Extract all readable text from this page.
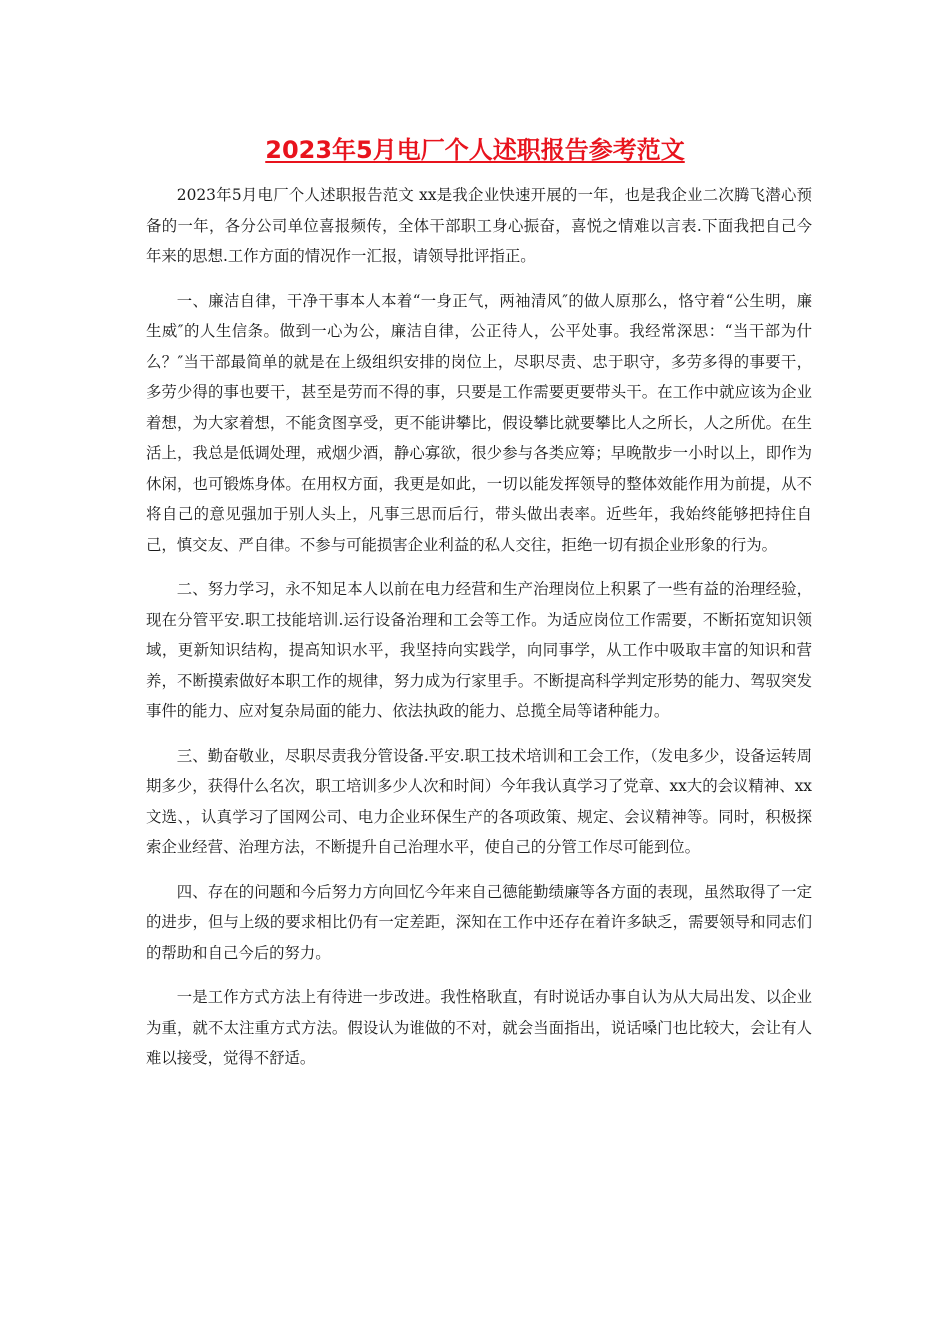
2023年5月电厂个人述职报告参考范文

2023年5月电厂个人述职报告范文 xx是我企业快速开展的一年，也是我企业二次腾飞潜心预备的一年，各分公司单位喜报频传，全体干部职工身心振奋，喜悦之情难以言表.下面我把自己今年来的思想.工作方面的情况作一汇报，请领导批评指正。

一、廉洁自律，干净干事本人本着“一身正气，两袖清风″的做人原那么，恪守着“公生明，廉生威″的人生信条。做到一心为公，廉洁自律，公正待人，公平处事。我经常深思：“当干部为什么？″当干部最简单的就是在上级组织安排的岗位上，尽职尽责、忠于职守，多劳多得的事要干，多劳少得的事也要干，甚至是劳而不得的事，只要是工作需要更要带头干。在工作中就应该为企业着想，为大家着想，不能贪图享受，更不能讲攀比，假设攀比就要攀比人之所长，人之所优。在生活上，我总是低调处理，戒烟少酒，静心寡欲，很少参与各类应筹；早晚散步一小时以上，即作为休闲，也可锻炼身体。在用权方面，我更是如此，一切以能发挥领导的整体效能作用为前提，从不将自己的意见强加于别人头上，凡事三思而后行，带头做出表率。近些年，我始终能够把持住自己，慎交友、严自律。不参与可能损害企业利益的私人交往，拒绝一切有损企业形象的行为。

二、努力学习，永不知足本人以前在电力经营和生产治理岗位上积累了一些有益的治理经验，现在分管平安.职工技能培训.运行设备治理和工会等工作。为适应岗位工作需要，不断拓宽知识领域，更新知识结构，提高知识水平，我坚持向实践学，向同事学，从工作中吸取丰富的知识和营养，不断摸索做好本职工作的规律，努力成为行家里手。不断提高科学判定形势的能力、驾驭突发事件的能力、应对复杂局面的能力、依法执政的能力、总揽全局等诸种能力。

三、勤奋敬业，尽职尽责我分管设备.平安.职工技术培训和工会工作，（发电多少，设备运转周期多少，获得什么名次，职工培训多少人次和时间）今年我认真学习了党章、xx大的会议精神、xx文选、，认真学习了国网公司、电力企业环保生产的各项政策、规定、会议精神等。同时，积极探索企业经营、治理方法，不断提升自己治理水平，使自己的分管工作尽可能到位。

四、存在的问题和今后努力方向回忆今年来自己德能勤绩廉等各方面的表现，虽然取得了一定的进步，但与上级的要求相比仍有一定差距，深知在工作中还存在着许多缺乏，需要领导和同志们的帮助和自己今后的努力。

一是工作方式方法上有待进一步改进。我性格耿直，有时说话办事自认为从大局出发、以企业为重，就不太注重方式方法。假设认为谁做的不对，就会当面指出，说话嗓门也比较大，会让有人难以接受，觉得不舒适。
